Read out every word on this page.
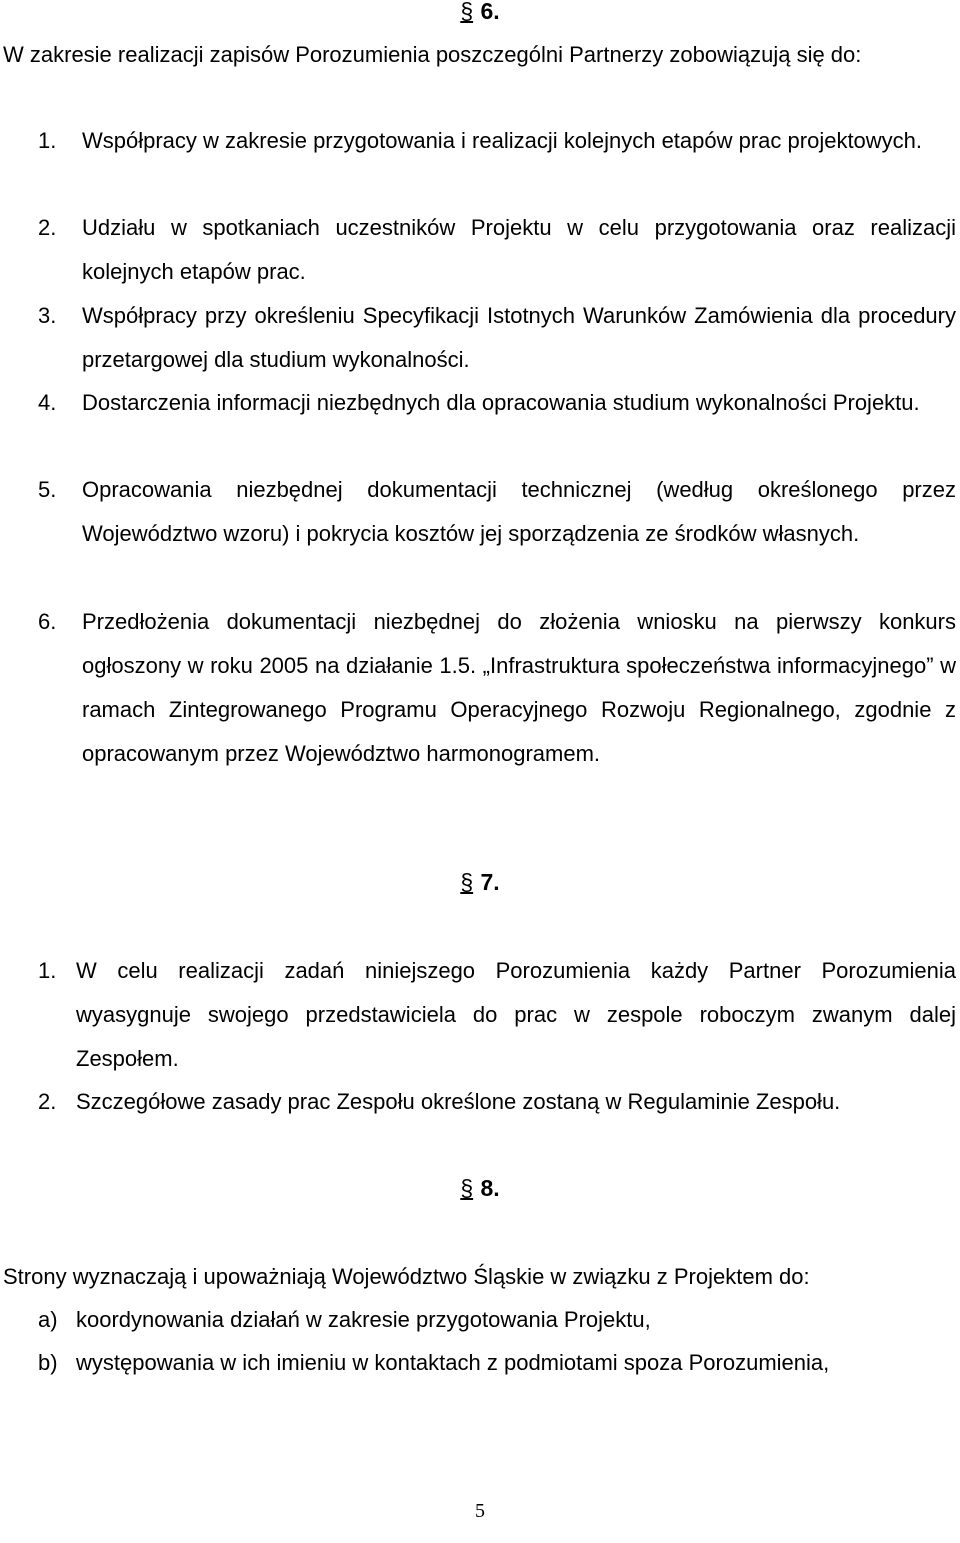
§ 6.
W zakresie realizacji zapisów Porozumienia poszczególni Partnerzy zobowiązują się do:
1.	Współpracy w zakresie przygotowania i realizacji kolejnych etapów prac projektowych.
2.	Udziału w spotkaniach uczestników Projektu w celu przygotowania oraz realizacji kolejnych etapów prac.
3.	Współpracy przy określeniu Specyfikacji Istotnych Warunków Zamówienia dla procedury przetargowej dla studium wykonalności.
4.	Dostarczenia informacji niezbędnych dla opracowania studium wykonalności Projektu.
5.	Opracowania niezbędnej dokumentacji technicznej (według określonego przez Województwo wzoru) i pokrycia kosztów jej sporządzenia ze środków własnych.
6.	Przedłożenia dokumentacji niezbędnej do złożenia wniosku na pierwszy konkurs ogłoszony w roku 2005 na działanie 1.5. „Infrastruktura społeczeństwa informacyjnego” w ramach Zintegrowanego Programu Operacyjnego Rozwoju Regionalnego, zgodnie z opracowanym przez Województwo harmonogramem.
§ 7.
1. W celu realizacji zadań niniejszego Porozumienia każdy Partner Porozumienia wyasygnuje swojego przedstawiciela do prac w zespole roboczym zwanym dalej Zespołem.
2. Szczegółowe zasady prac Zespołu określone zostaną w Regulaminie Zespołu.
§ 8.
Strony wyznaczają i upoważniają Województwo Śląskie w związku z Projektem do:
a) koordynowania działań w zakresie przygotowania Projektu,
b) występowania w ich imieniu w kontaktach z podmiotami spoza Porozumienia,
5
